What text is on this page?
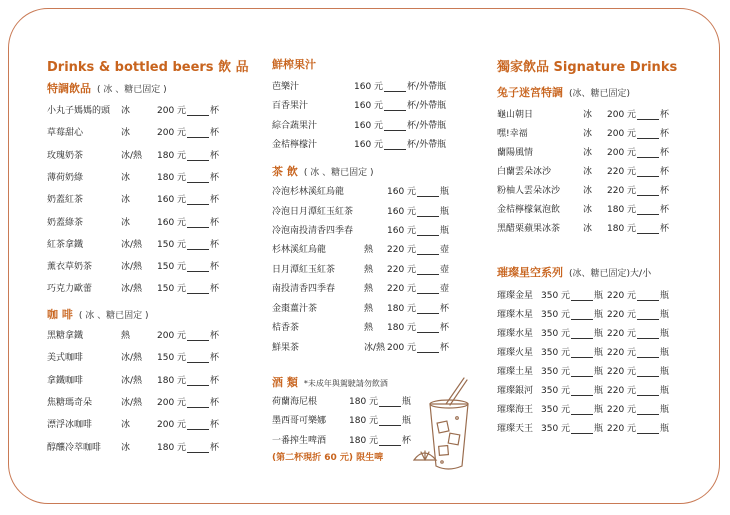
Drinks & bottled beers 飲 品
特調飲品 ( 冰 、糖已固定 )
小丸子媽媽的頭 冰	200 元	杯
草莓甜心	冰	200 元	杯
玫瑰奶茶	冰/熱 180 元	杯
薄荷奶綠	冰	180 元	杯
奶蓋紅茶	冰	160 元	杯
奶蓋綠茶	冰	160 元	杯
紅茶拿鐵	冰/熱 150 元	杯
薰衣草奶茶	冰/熱 150 元	杯
巧克力歐蕾	冰/熱 150 元	杯
咖 啡 ( 冰 、糖已固定 )
黑糖拿鐵	熱	200 元	杯
美式咖啡	冰/熱 150 元	杯
拿鐵咖啡	冰/熱 180 元	杯
焦糖瑪奇朵	冰/熱 200 元	杯
漂浮冰咖啡	冰	200 元	杯
醇釀冷萃咖啡 冰	180 元	杯
鮮榨果汁
芭樂汁	160 元	杯/外帶瓶
百香果汁	160 元	杯/外帶瓶
綜合蔬果汁	160 元	杯/外帶瓶
金桔檸檬汁	160 元	杯/外帶瓶
茶 飲 ( 冰 、糖已固定 )
冷泡杉林溪紅烏龍	160 元	瓶
冷泡日月潭紅玉紅茶	160 元	瓶
冷泡南投清香四季春	160 元	瓶
杉林溪紅烏龍	熱 220 元	壺
日月潭紅玉紅茶	熱 220 元	壺
南投清香四季春	熱 220 元	壺
金棗薑汁茶	熱 180 元	杯
桔香茶	熱 180 元	杯
鮮果茶	冰/熱 200 元	杯
酒 類 *未成年與駕駛請勿飲酒
荷蘭海尼根	180 元	瓶
墨西哥可樂娜	180 元	瓶
一番搾生啤酒	180 元	杯
(第二杯現折 60 元) 限生啤
獨家飲品 Signature Drinks
兔子迷宮特調 (冰、糖已固定)
龜山朝日	冰 200 元	杯
嘿!幸福	冰 200 元	杯
蘭陽風情	冰 200 元	杯
白蘭雲朵冰沙	冰 220 元	杯
粉柚人雲朵冰沙	冰 220 元	杯
金桔檸檬氣泡飲	冰 180 元	杯
黑醋栗蘋果冰茶	冰 180 元	杯
璀璨星空系列 (冰、糖已固定)大/小
璀璨金星 350 元	瓶 220 元	瓶
璀璨木星 350 元	瓶 220 元	瓶
璀璨水星 350 元	瓶 220 元	瓶
璀璨火星 350 元	瓶 220 元	瓶
璀璨土星 350 元	瓶 220 元	瓶
璀璨銀河 350 元	瓶 220 元	瓶
璀璨海王 350 元	瓶 220 元	瓶
璀璨天王 350 元	瓶 220 元	瓶
